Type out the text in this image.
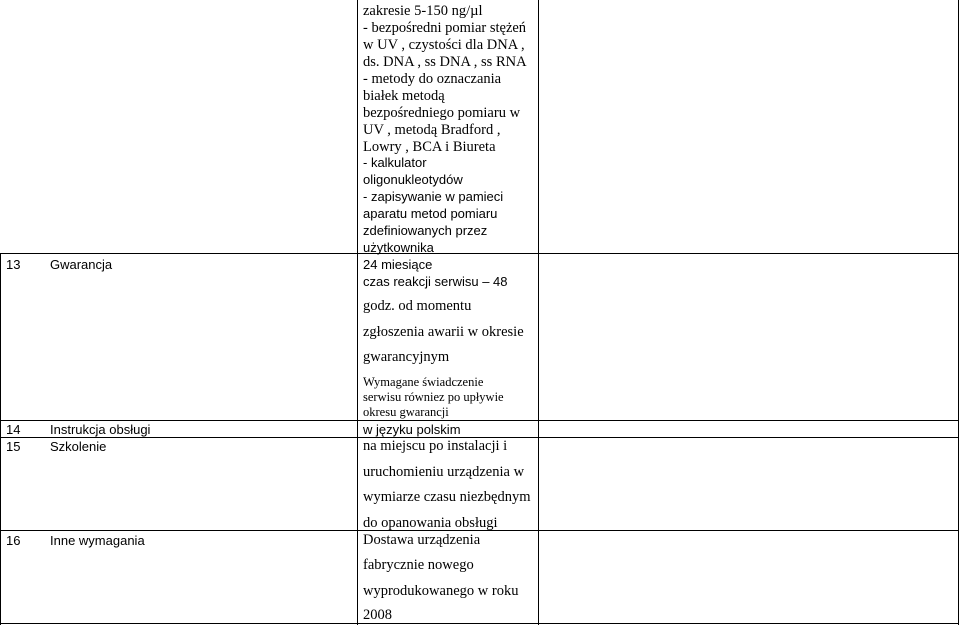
zakresie 5-150 ng/µl
- bezpośredni pomiar stężeń
w UV , czystości dla DNA ,
ds. DNA , ss DNA , ss RNA
- metody do oznaczania
białek metodą
bezpośredniego pomiaru w
UV , metodą Bradford ,
Lowry , BCA i Biureta
- kalkulator
oligonukleotydów
- zapisywanie w pamieci
aparatu metod pomiaru
zdefiniowanych przez
użytkownika
13 Gwarancja	24 miesiące
czas reakcji serwisu – 48
godz. od momentu
zgłoszenia awarii w okresie
gwarancyjnym
Wymagane świadczenie
serwisu równiez po upływie
okresu gwarancji
14 Instrukcja obsługi	w języku polskim
15 Szkolenie	na miejscu po instalacji i
uruchomieniu urządzenia w
wymiarze czasu niezbędnym
do opanowania obsługi
16 Inne wymagania	Dostawa urządzenia
fabrycznie nowego
wyprodukowanego w roku
2008
